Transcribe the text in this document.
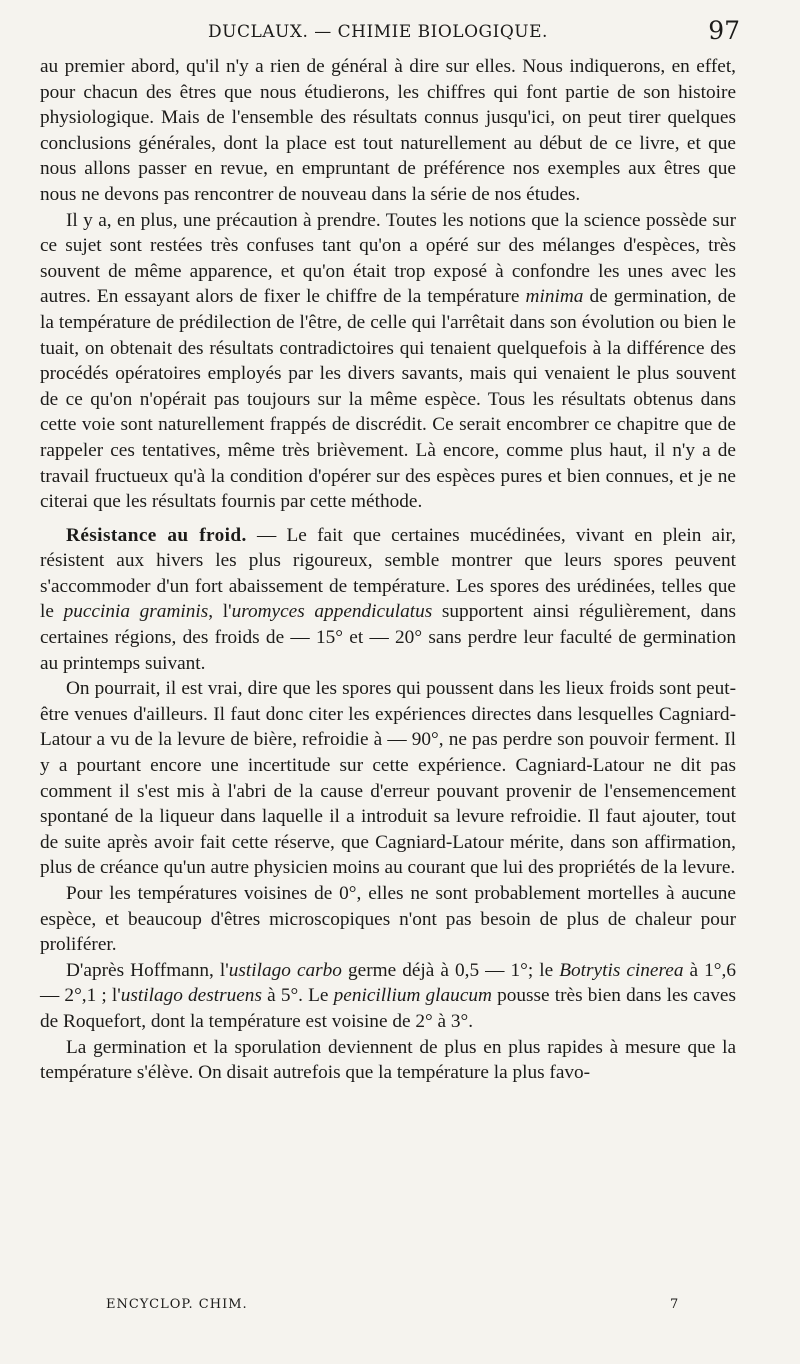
DUCLAUX. — CHIMIE BIOLOGIQUE.	97

au premier abord, qu'il n'y a rien de général à dire sur elles. Nous indiquerons, en effet, pour chacun des êtres que nous étudierons, les chiffres qui font partie de son histoire physiologique. Mais de l'ensemble des résultats connus jusqu'ici, on peut tirer quelques conclusions générales, dont la place est tout naturellement au début de ce livre, et que nous allons passer en revue, en empruntant de préférence nos exemples aux êtres que nous ne devons pas rencontrer de nouveau dans la série de nos études.

Il y a, en plus, une précaution à prendre. Toutes les notions que la science possède sur ce sujet sont restées très confuses tant qu'on a opéré sur des mélanges d'espèces, très souvent de même apparence, et qu'on était trop exposé à confondre les unes avec les autres. En essayant alors de fixer le chiffre de la température minima de germination, de la température de prédilection de l'être, de celle qui l'arrêtait dans son évolution ou bien le tuait, on obtenait des résultats contradictoires qui tenaient quelquefois à la différence des procédés opératoires employés par les divers savants, mais qui venaient le plus souvent de ce qu'on n'opérait pas toujours sur la même espèce. Tous les résultats obtenus dans cette voie sont naturellement frappés de discrédit. Ce serait encombrer ce chapitre que de rappeler ces tentatives, même très brièvement. Là encore, comme plus haut, il n'y a de travail fructueux qu'à la condition d'opérer sur des espèces pures et bien connues, et je ne citerai que les résultats fournis par cette méthode.

Résistance au froid. — Le fait que certaines mucédinées, vivant en plein air, résistent aux hivers les plus rigoureux, semble montrer que leurs spores peuvent s'accommoder d'un fort abaissement de température. Les spores des urédinées, telles que le puccinia graminis, l'uromyces appendiculatus supportent ainsi régulièrement, dans certaines régions, des froids de — 15° et — 20° sans perdre leur faculté de germination au printemps suivant.

On pourrait, il est vrai, dire que les spores qui poussent dans les lieux froids sont peut-être venues d'ailleurs. Il faut donc citer les expériences directes dans lesquelles Cagniard-Latour a vu de la levure de bière, refroidie à — 90°, ne pas perdre son pouvoir ferment. Il y a pourtant encore une incertitude sur cette expérience. Cagniard-Latour ne dit pas comment il s'est mis à l'abri de la cause d'erreur pouvant provenir de l'ensemencement spontané de la liqueur dans laquelle il a introduit sa levure refroidie. Il faut ajouter, tout de suite après avoir fait cette réserve, que Cagniard-Latour mérite, dans son affirmation, plus de créance qu'un autre physicien moins au courant que lui des propriétés de la levure.

Pour les températures voisines de 0°, elles ne sont probablement mortelles à aucune espèce, et beaucoup d'êtres microscopiques n'ont pas besoin de plus de chaleur pour proliférer.

D'après Hoffmann, l'ustilago carbo germe déjà à 0,5 — 1°; le Botrytis cinerea à 1°,6 — 2°,1 ; l'ustilago destruens à 5°. Le penicillium glaucum pousse très bien dans les caves de Roquefort, dont la température est voisine de 2° à 3°.

La germination et la sporulation deviennent de plus en plus rapides à mesure que la température s'élève. On disait autrefois que la température la plus favo-

ENCYCLOP. CHIM.	7
